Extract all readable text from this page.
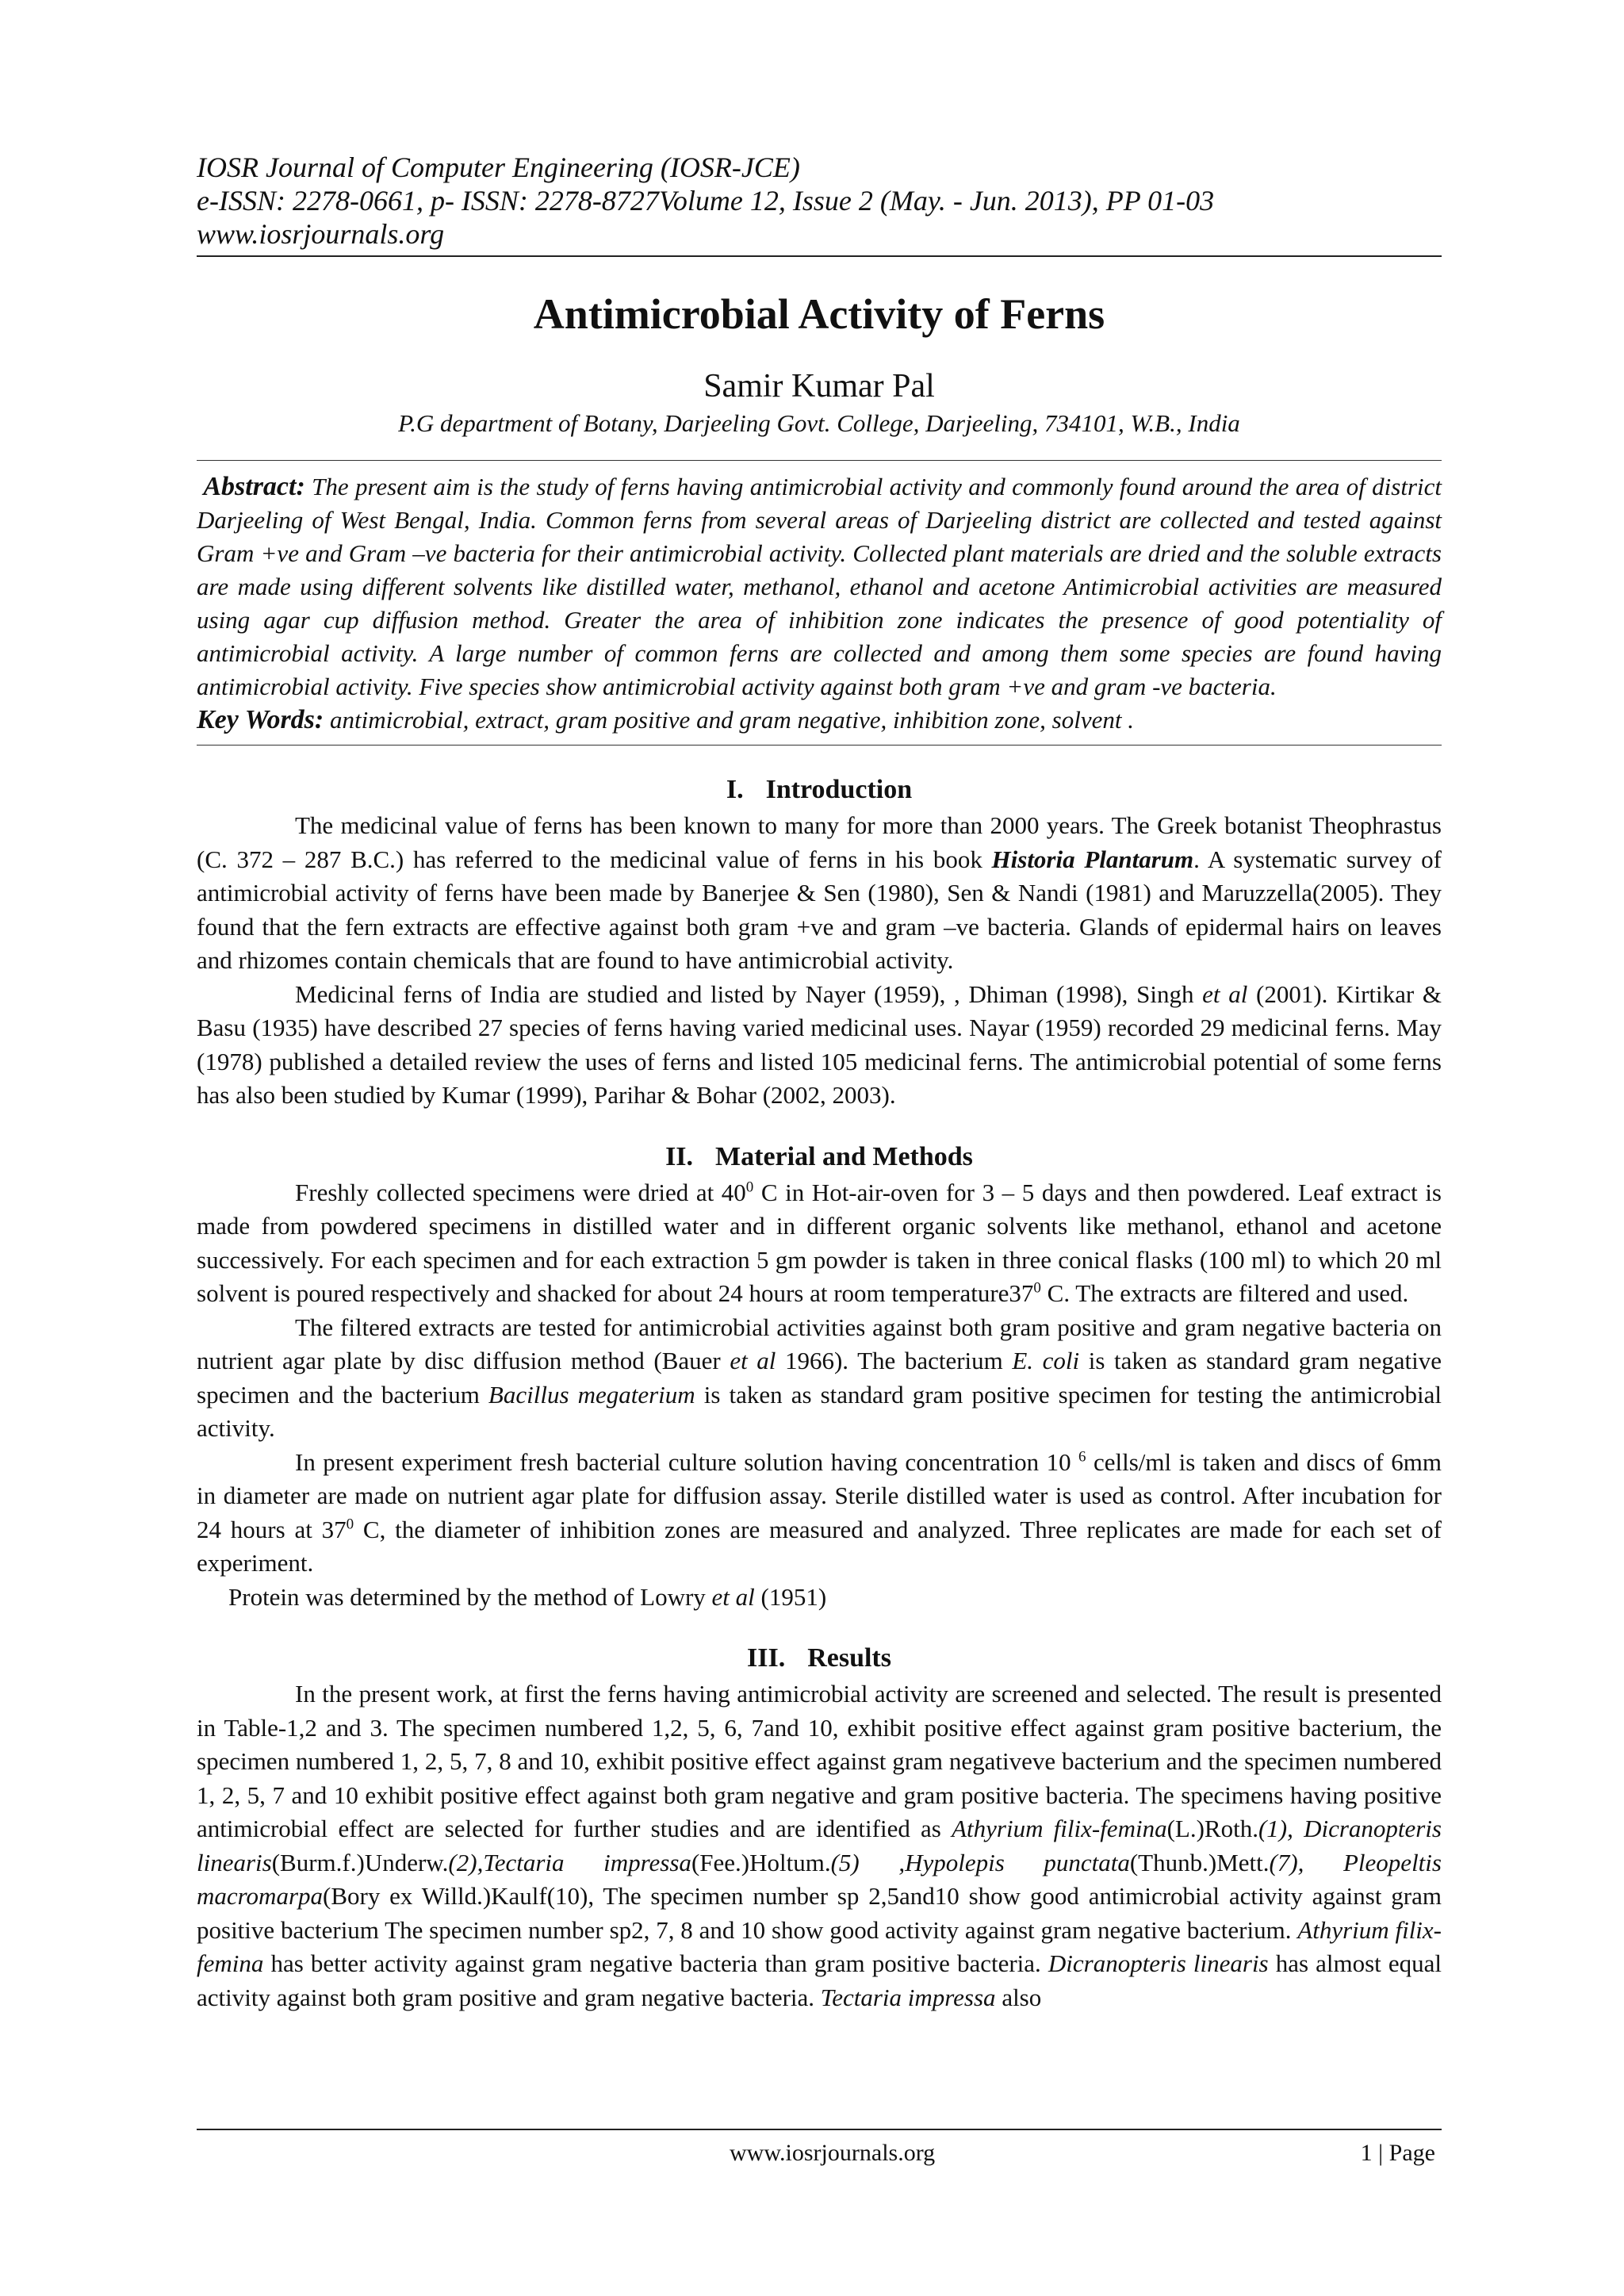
IOSR Journal of Computer Engineering (IOSR-JCE)
e-ISSN: 2278-0661, p- ISSN: 2278-8727Volume 12, Issue 2 (May. - Jun. 2013), PP 01-03
www.iosrjournals.org
Antimicrobial Activity of Ferns
Samir Kumar Pal
P.G department of Botany, Darjeeling Govt. College, Darjeeling, 734101, W.B., India

Abstract: The present aim is the study of ferns having antimicrobial activity and commonly found around the area of district Darjeeling of West Bengal, India. Common ferns from several areas of Darjeeling district are collected and tested against Gram +ve and Gram –ve bacteria for their antimicrobial activity. Collected plant materials are dried and the soluble extracts are made using different solvents like distilled water, methanol, ethanol and acetone Antimicrobial activities are measured using agar cup diffusion method. Greater the area of inhibition zone indicates the presence of good potentiality of antimicrobial activity. A large number of common ferns are collected and among them some species are found having antimicrobial activity. Five species show antimicrobial activity against both gram +ve and gram -ve bacteria.

Key Words: antimicrobial, extract, gram positive and gram negative, inhibition zone, solvent .

I. Introduction

The medicinal value of ferns has been known to many for more than 2000 years. The Greek botanist Theophrastus (C. 372 – 287 B.C.) has referred to the medicinal value of ferns in his book Historia Plantarum. A systematic survey of antimicrobial activity of ferns have been made by Banerjee & Sen (1980), Sen & Nandi (1981) and Maruzzella(2005). They found that the fern extracts are effective against both gram +ve and gram –ve bacteria. Glands of epidermal hairs on leaves and rhizomes contain chemicals that are found to have antimicrobial activity.

Medicinal ferns of India are studied and listed by Nayer (1959), , Dhiman (1998), Singh et al (2001). Kirtikar & Basu (1935) have described 27 species of ferns having varied medicinal uses. Nayar (1959) recorded 29 medicinal ferns. May (1978) published a detailed review the uses of ferns and listed 105 medicinal ferns. The antimicrobial potential of some ferns has also been studied by Kumar (1999), Parihar & Bohar (2002, 2003).

II. Material and Methods

Freshly collected specimens were dried at $40^0$ C in Hot-air-oven for 3 – 5 days and then powdered. Leaf extract is made from powdered specimens in distilled water and in different organic solvents like methanol, ethanol and acetone successively. For each specimen and for each extraction 5 gm powder is taken in three conical flasks (100 ml) to which 20 ml solvent is poured respectively and shacked for about 24 hours at room $temperature37^0$ C. The extracts are filtered and used.

The filtered extracts are tested for antimicrobial activities against both gram positive and gram negative bacteria on nutrient agar plate by disc diffusion method (Bauer et al 1966). The bacterium E. coli is taken as standard gram negative specimen and the bacterium Bacillus megaterium is taken as standard gram positive specimen for testing the antimicrobial activity.

In present experiment fresh bacterial culture solution having concentration 10 $^6$ cells/ml is taken and discs of 6mm in diameter are made on nutrient agar plate for diffusion assay. Sterile distilled water is used as control. After incubation for 24 hours at $37^0$ C, the diameter of inhibition zones are measured and analyzed. Three replicates are made for each set of experiment.

Protein was determined by the method of Lowry et al (1951)

III. Results

In the present work, at first the ferns having antimicrobial activity are screened and selected. The result is presented in Table-1,2 and 3. The specimen numbered 1,2, 5, 6, 7and 10, exhibit positive effect against gram positive bacterium, the specimen numbered 1, 2, 5, 7, 8 and 10, exhibit positive effect against gram negativeve bacterium and the specimen numbered 1, 2, 5, 7 and 10 exhibit positive effect against both gram negative and gram positive bacteria. The specimens having positive antimicrobial effect are selected for further studies and are identified as Athyrium filix-femina(L.)Roth.(1), Dicranopteris linearis(Burm.f.)Underw.(2),Tectaria impressa(Fee.)Holtum.(5) ,Hypolepis punctata(Thunb.)Mett.(7), Pleopeltis macromarpa(Bory ex Willd.)Kaulf(10), The specimen number sp 2,5and10 show good antimicrobial activity against gram positive bacterium The specimen number sp2, 7, 8 and 10 show good activity against gram negative bacterium. Athyrium filix-femina has better activity against gram negative bacteria than gram positive bacteria. Dicranopteris linearis has almost equal activity against both gram positive and gram negative bacteria. Tectaria impressa also

www.iosrjournals.org	1 | Page
